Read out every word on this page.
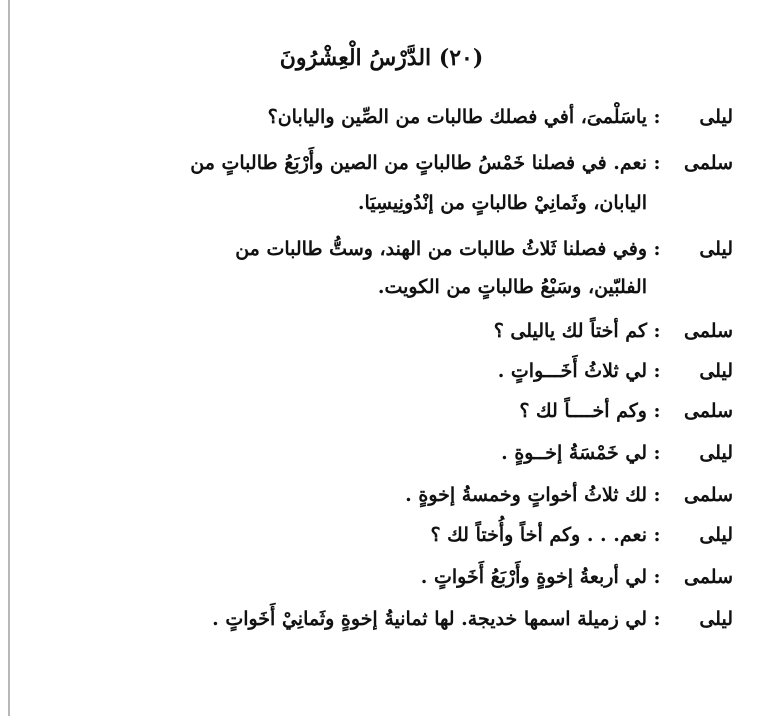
(٢٠) الدَّرْسُ الْعِشْرُونَ
ليلى
:
ياسَلْمىَ، أفي فصلك طالبات من الصِّين واليابان؟
سلمى
:
نعم. في فصلنا خَمْسُ طالباتٍ من الصين وأَرْبَعُ طالباتٍ من
اليابان، وثَمانِيْ طالباتٍ من إنْدُونِيسِيَا.
ليلى
:
وفي فصلنا ثَلاثُ طالبات من الهند، وستُّ طالبات من
الفلبّين، وسَبْعُ طالباتٍ من الكويت.
سلمى
:
كم أختاً لك ياليلى ؟
ليلى
:
لي ثلاثُ أَخَـــواتٍ .
سلمى
:
وكم أخــــاً لك ؟
ليلى
:
لي خَمْسَةُ إخــوةٍ .
سلمى
:
لك ثلاثُ أخواتٍ وخمسةُ إخوةٍ .
ليلى
:
نعم. . . وكم أخاً وأُختاً لك ؟
سلمى
:
لي أربعةُ إخوةٍ وأَرْبَعُ أَخَواتٍ .
ليلى
:
لي زميلة اسمها خديجة. لها ثمانيةُ إخوةٍ وثَمانِيْ أَخَواتٍ .
